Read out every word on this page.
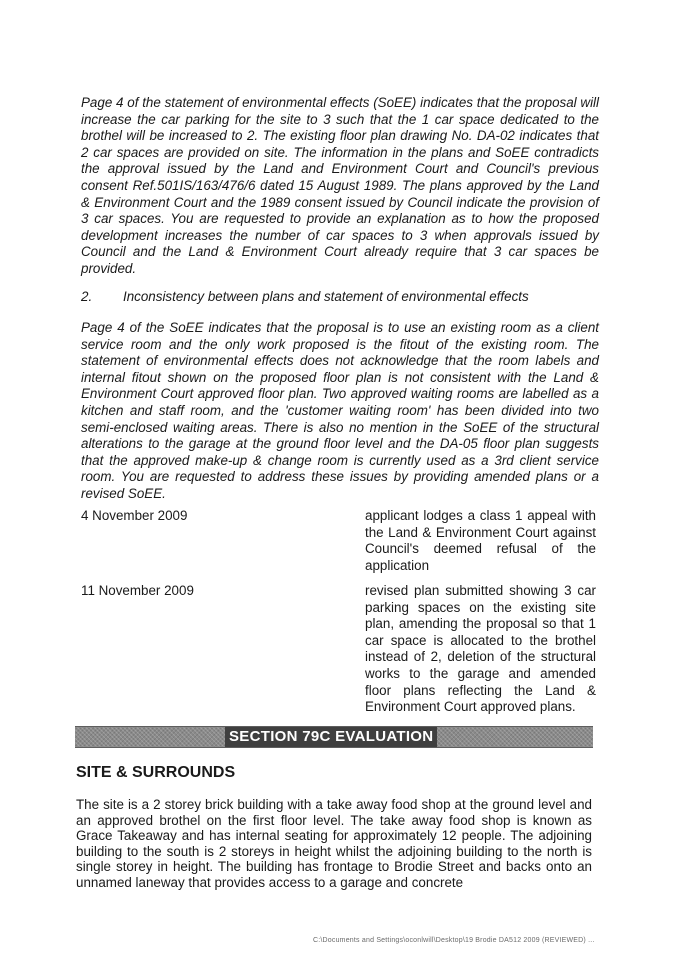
Page 4 of the statement of environmental effects (SoEE) indicates that the proposal will increase the car parking for the site to 3 such that the 1 car space dedicated to the brothel will be increased to 2. The existing floor plan drawing No. DA-02 indicates that 2 car spaces are provided on site. The information in the plans and SoEE contradicts the approval issued by the Land and Environment Court and Council's previous consent Ref.501IS/163/476/6 dated 15 August 1989. The plans approved by the Land & Environment Court and the 1989 consent issued by Council indicate the provision of 3 car spaces. You are requested to provide an explanation as to how the proposed development increases the number of car spaces to 3 when approvals issued by Council and the Land & Environment Court already require that 3 car spaces be provided.

2. Inconsistency between plans and statement of environmental effects

Page 4 of the SoEE indicates that the proposal is to use an existing room as a client service room and the only work proposed is the fitout of the existing room. The statement of environmental effects does not acknowledge that the room labels and internal fitout shown on the proposed floor plan is not consistent with the Land & Environment Court approved floor plan. Two approved waiting rooms are labelled as a kitchen and staff room, and the 'customer waiting room' has been divided into two semi-enclosed waiting areas. There is also no mention in the SoEE of the structural alterations to the garage at the ground floor level and the DA-05 floor plan suggests that the approved make-up & change room is currently used as a 3rd client service room. You are requested to address these issues by providing amended plans or a revised SoEE.

4 November 2009	applicant lodges a class 1 appeal with the Land & Environment Court against Council's deemed refusal of the application

11 November 2009	revised plan submitted showing 3 car parking spaces on the existing site plan, amending the proposal so that 1 car space is allocated to the brothel instead of 2, deletion of the structural works to the garage and amended floor plans reflecting the Land & Environment Court approved plans.

SECTION 79C EVALUATION
SITE & SURROUNDS

The site is a 2 storey brick building with a take away food shop at the ground level and an approved brothel on the first floor level. The take away food shop is known as Grace Takeaway and has internal seating for approximately 12 people. The adjoining building to the south is 2 storeys in height whilst the adjoining building to the north is single storey in height. The building has frontage to Brodie Street and backs onto an unnamed laneway that provides access to a garage and concrete

C:\Documents and Settings\oconlwill\Desktop\19 Brodie DA512 2009 (REVIEWED) ...
